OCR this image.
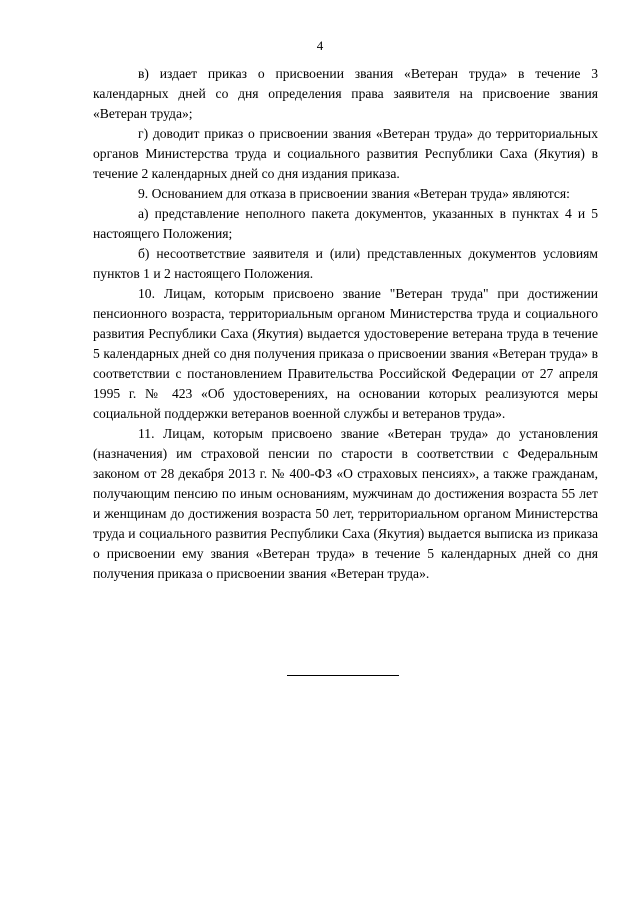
4

в) издает приказ о присвоении звания «Ветеран труда» в течение 3 календарных дней со дня определения права заявителя на присвоение звания «Ветеран труда»;

г) доводит приказ о присвоении звания «Ветеран труда» до территориальных органов Министерства труда и социального развития Республики Саха (Якутия) в течение 2 календарных дней со дня издания приказа.

9. Основанием для отказа в присвоении звания «Ветеран труда» являются:

а) представление неполного пакета документов, указанных в пунктах 4 и 5 настоящего Положения;

б) несоответствие заявителя и (или) представленных документов условиям пунктов 1 и 2 настоящего Положения.

10. Лицам, которым присвоено звание "Ветеран труда" при достижении пенсионного возраста, территориальным органом Министерства труда и социального развития Республики Саха (Якутия) выдается удостоверение ветерана труда в течение 5 календарных дней со дня получения приказа о присвоении звания «Ветеран труда» в соответствии с постановлением Правительства Российской Федерации от 27 апреля 1995 г. № 423 «Об удостоверениях, на основании которых реализуются меры социальной поддержки ветеранов военной службы и ветеранов труда».

11. Лицам, которым присвоено звание «Ветеран труда» до установления (назначения) им страховой пенсии по старости в соответствии с Федеральным законом от 28 декабря 2013 г. № 400-ФЗ «О страховых пенсиях», а также гражданам, получающим пенсию по иным основаниям, мужчинам до достижения возраста 55 лет и женщинам до достижения возраста 50 лет, территориальном органом Министерства труда и социального развития Республики Саха (Якутия) выдается выписка из приказа о присвоении ему звания «Ветеран труда» в течение 5 календарных дней со дня получения приказа о присвоении звания «Ветеран труда».
